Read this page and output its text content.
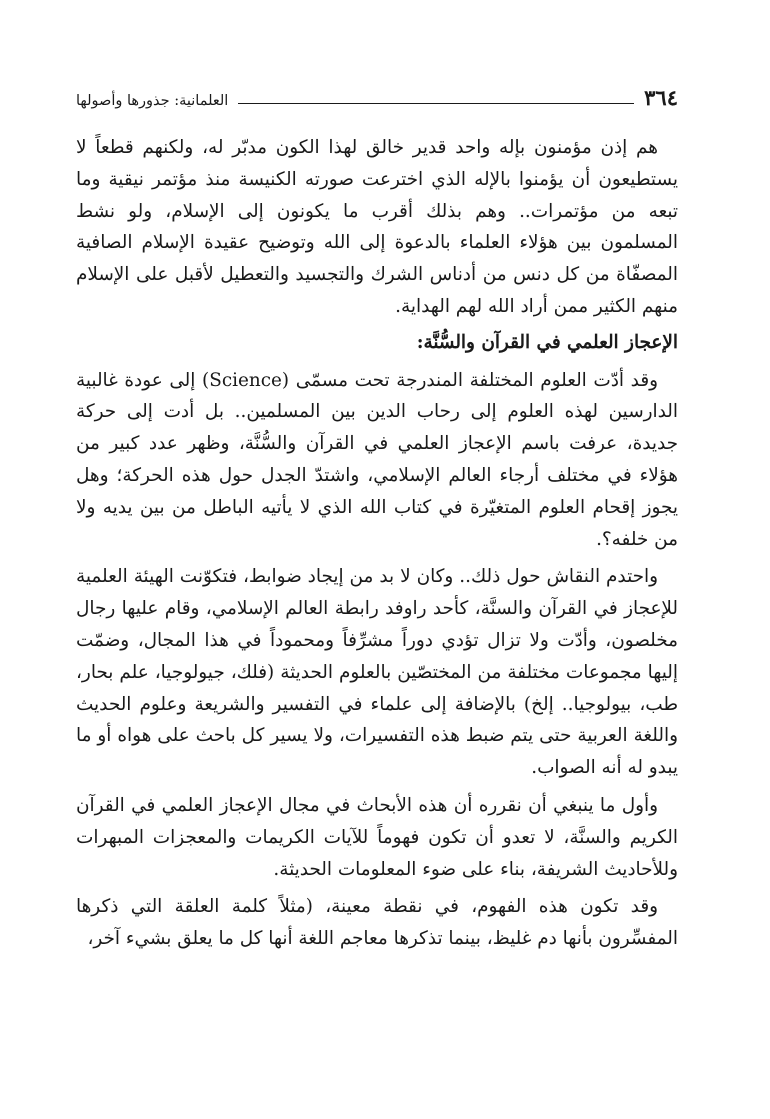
٣٦٤
العلمانية: جذورها وأصولها

هم إذن مؤمنون بإله واحد قدير خالق لهذا الكون مدبّر له، ولكنهم قطعاً لا يستطيعون أن يؤمنوا بالإله الذي اخترعت صورته الكنيسة منذ مؤتمر نيقية وما تبعه من مؤتمرات.. وهم بذلك أقرب ما يكونون إلى الإسلام، ولو نشط المسلمون بين هؤلاء العلماء بالدعوة إلى الله وتوضيح عقيدة الإسلام الصافية المصفّاة من كل دنس من أدناس الشرك والتجسيد والتعطيل لأقبل على الإسلام منهم الكثير ممن أراد الله لهم الهداية.

الإعجاز العلمي في القرآن والسُّنَّة:

وقد أدّت العلوم المختلفة المندرجة تحت مسمّى (Science) إلى عودة غالبية الدارسين لهذه العلوم إلى رحاب الدين بين المسلمين.. بل أدت إلى حركة جديدة، عرفت باسم الإعجاز العلمي في القرآن والسُّنَّة، وظهر عدد كبير من هؤلاء في مختلف أرجاء العالم الإسلامي، واشتدّ الجدل حول هذه الحركة؛ وهل يجوز إقحام العلوم المتغيّرة في كتاب الله الذي لا يأتيه الباطل من بين يديه ولا من خلفه؟.

واحتدم النقاش حول ذلك.. وكان لا بد من إيجاد ضوابط، فتكوّنت الهيئة العلمية للإعجاز في القرآن والسنَّة، كأحد راوفد رابطة العالم الإسلامي، وقام عليها رجال مخلصون، وأدّت ولا تزال تؤدي دوراً مشرِّفاً ومحموداً في هذا المجال، وضمّت إليها مجموعات مختلفة من المختصّين بالعلوم الحديثة (فلك، جيولوجيا، علم بحار، طب، بيولوجيا.. إلخ) بالإضافة إلى علماء في التفسير والشريعة وعلوم الحديث واللغة العربية حتى يتم ضبط هذه التفسيرات، ولا يسير كل باحث على هواه أو ما يبدو له أنه الصواب.

وأول ما ينبغي أن نقرره أن هذه الأبحاث في مجال الإعجاز العلمي في القرآن الكريم والسنَّة، لا تعدو أن تكون فهوماً للآيات الكريمات والمعجزات المبهرات وللأحاديث الشريفة، بناء على ضوء المعلومات الحديثة.

وقد تكون هذه الفهوم، في نقطة معينة، (مثلاً كلمة العلقة التي ذكرها المفسِّرون بأنها دم غليظ، بينما تذكرها معاجم اللغة أنها كل ما يعلق بشيء آخر،
